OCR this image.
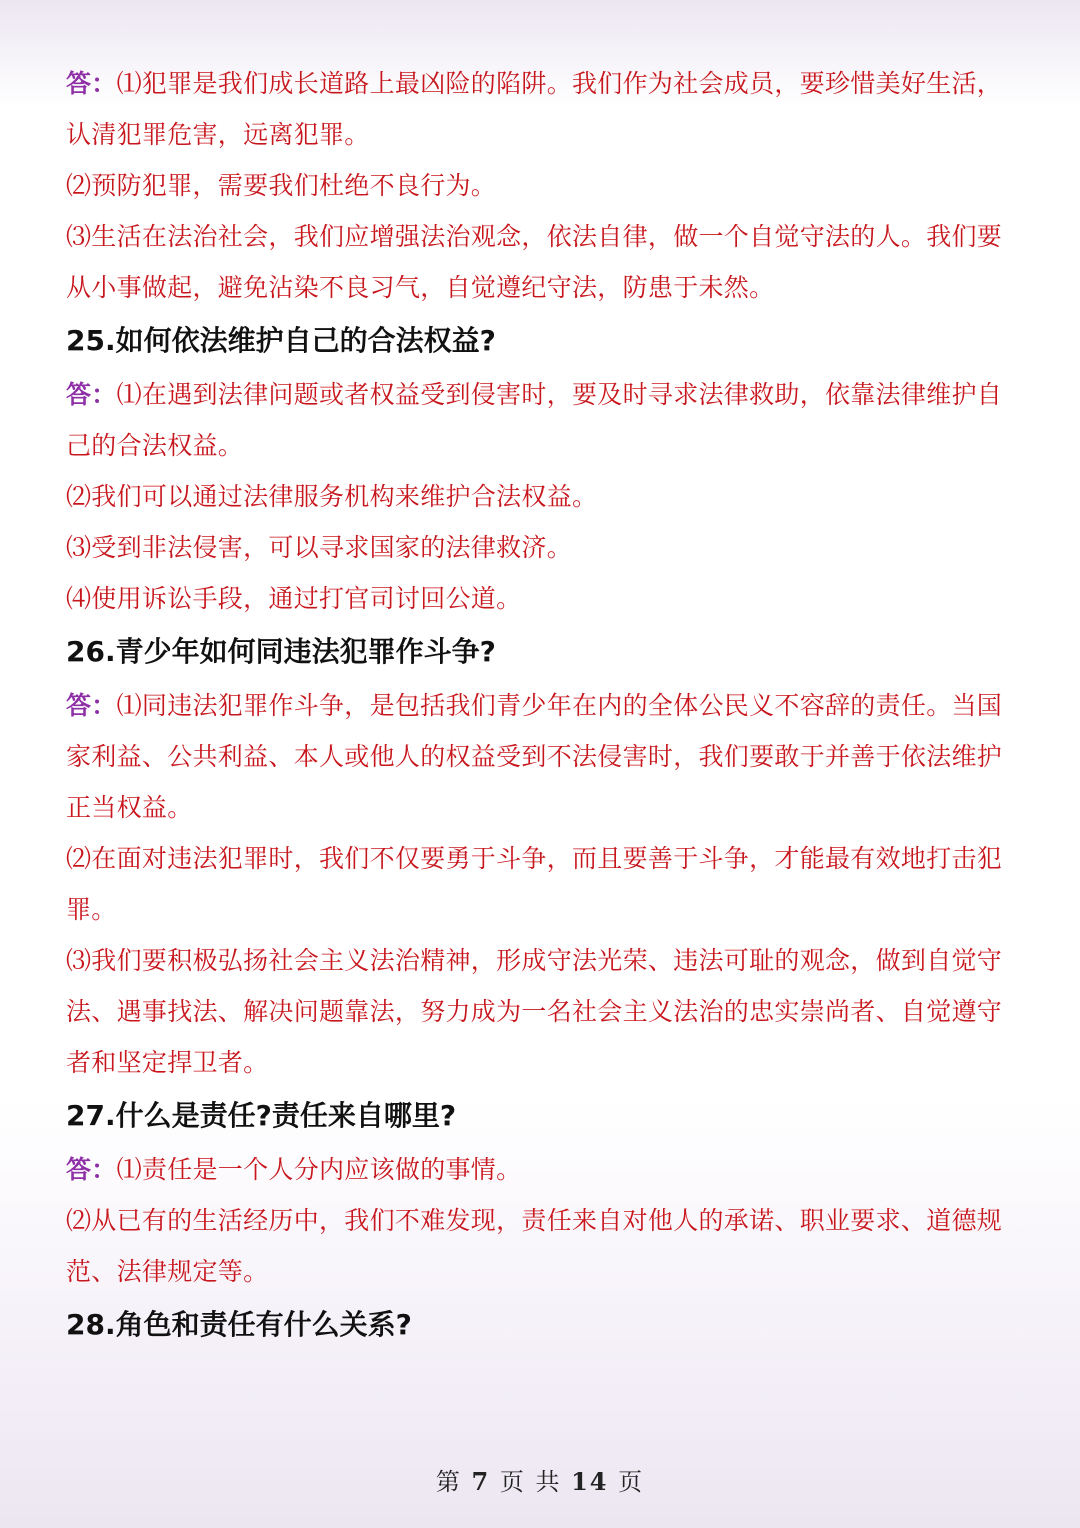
答：⑴犯罪是我们成长道路上最凶险的陷阱。我们作为社会成员，要珍惜美好生活，认清犯罪危害，远离犯罪。

⑵预防犯罪，需要我们杜绝不良行为。

⑶生活在法治社会，我们应增强法治观念，依法自律，做一个自觉守法的人。我们要从小事做起，避免沾染不良习气，自觉遵纪守法，防患于未然。

25.如何依法维护自己的合法权益?

答：⑴在遇到法律问题或者权益受到侵害时，要及时寻求法律救助，依靠法律维护自己的合法权益。

⑵我们可以通过法律服务机构来维护合法权益。

⑶受到非法侵害，可以寻求国家的法律救济。

⑷使用诉讼手段，通过打官司讨回公道。

26.青少年如何同违法犯罪作斗争?

答：⑴同违法犯罪作斗争，是包括我们青少年在内的全体公民义不容辞的责任。当国家利益、公共利益、本人或他人的权益受到不法侵害时，我们要敢于并善于依法维护正当权益。

⑵在面对违法犯罪时，我们不仅要勇于斗争，而且要善于斗争，才能最有效地打击犯罪。

⑶我们要积极弘扬社会主义法治精神，形成守法光荣、违法可耻的观念，做到自觉守法、遇事找法、解决问题靠法，努力成为一名社会主义法治的忠实崇尚者、自觉遵守者和坚定捍卫者。

27.什么是责任?责任来自哪里?

答：⑴责任是一个人分内应该做的事情。

⑵从已有的生活经历中，我们不难发现，责任来自对他人的承诺、职业要求、道德规范、法律规定等。

28.角色和责任有什么关系?
第 7 页 共 14 页
